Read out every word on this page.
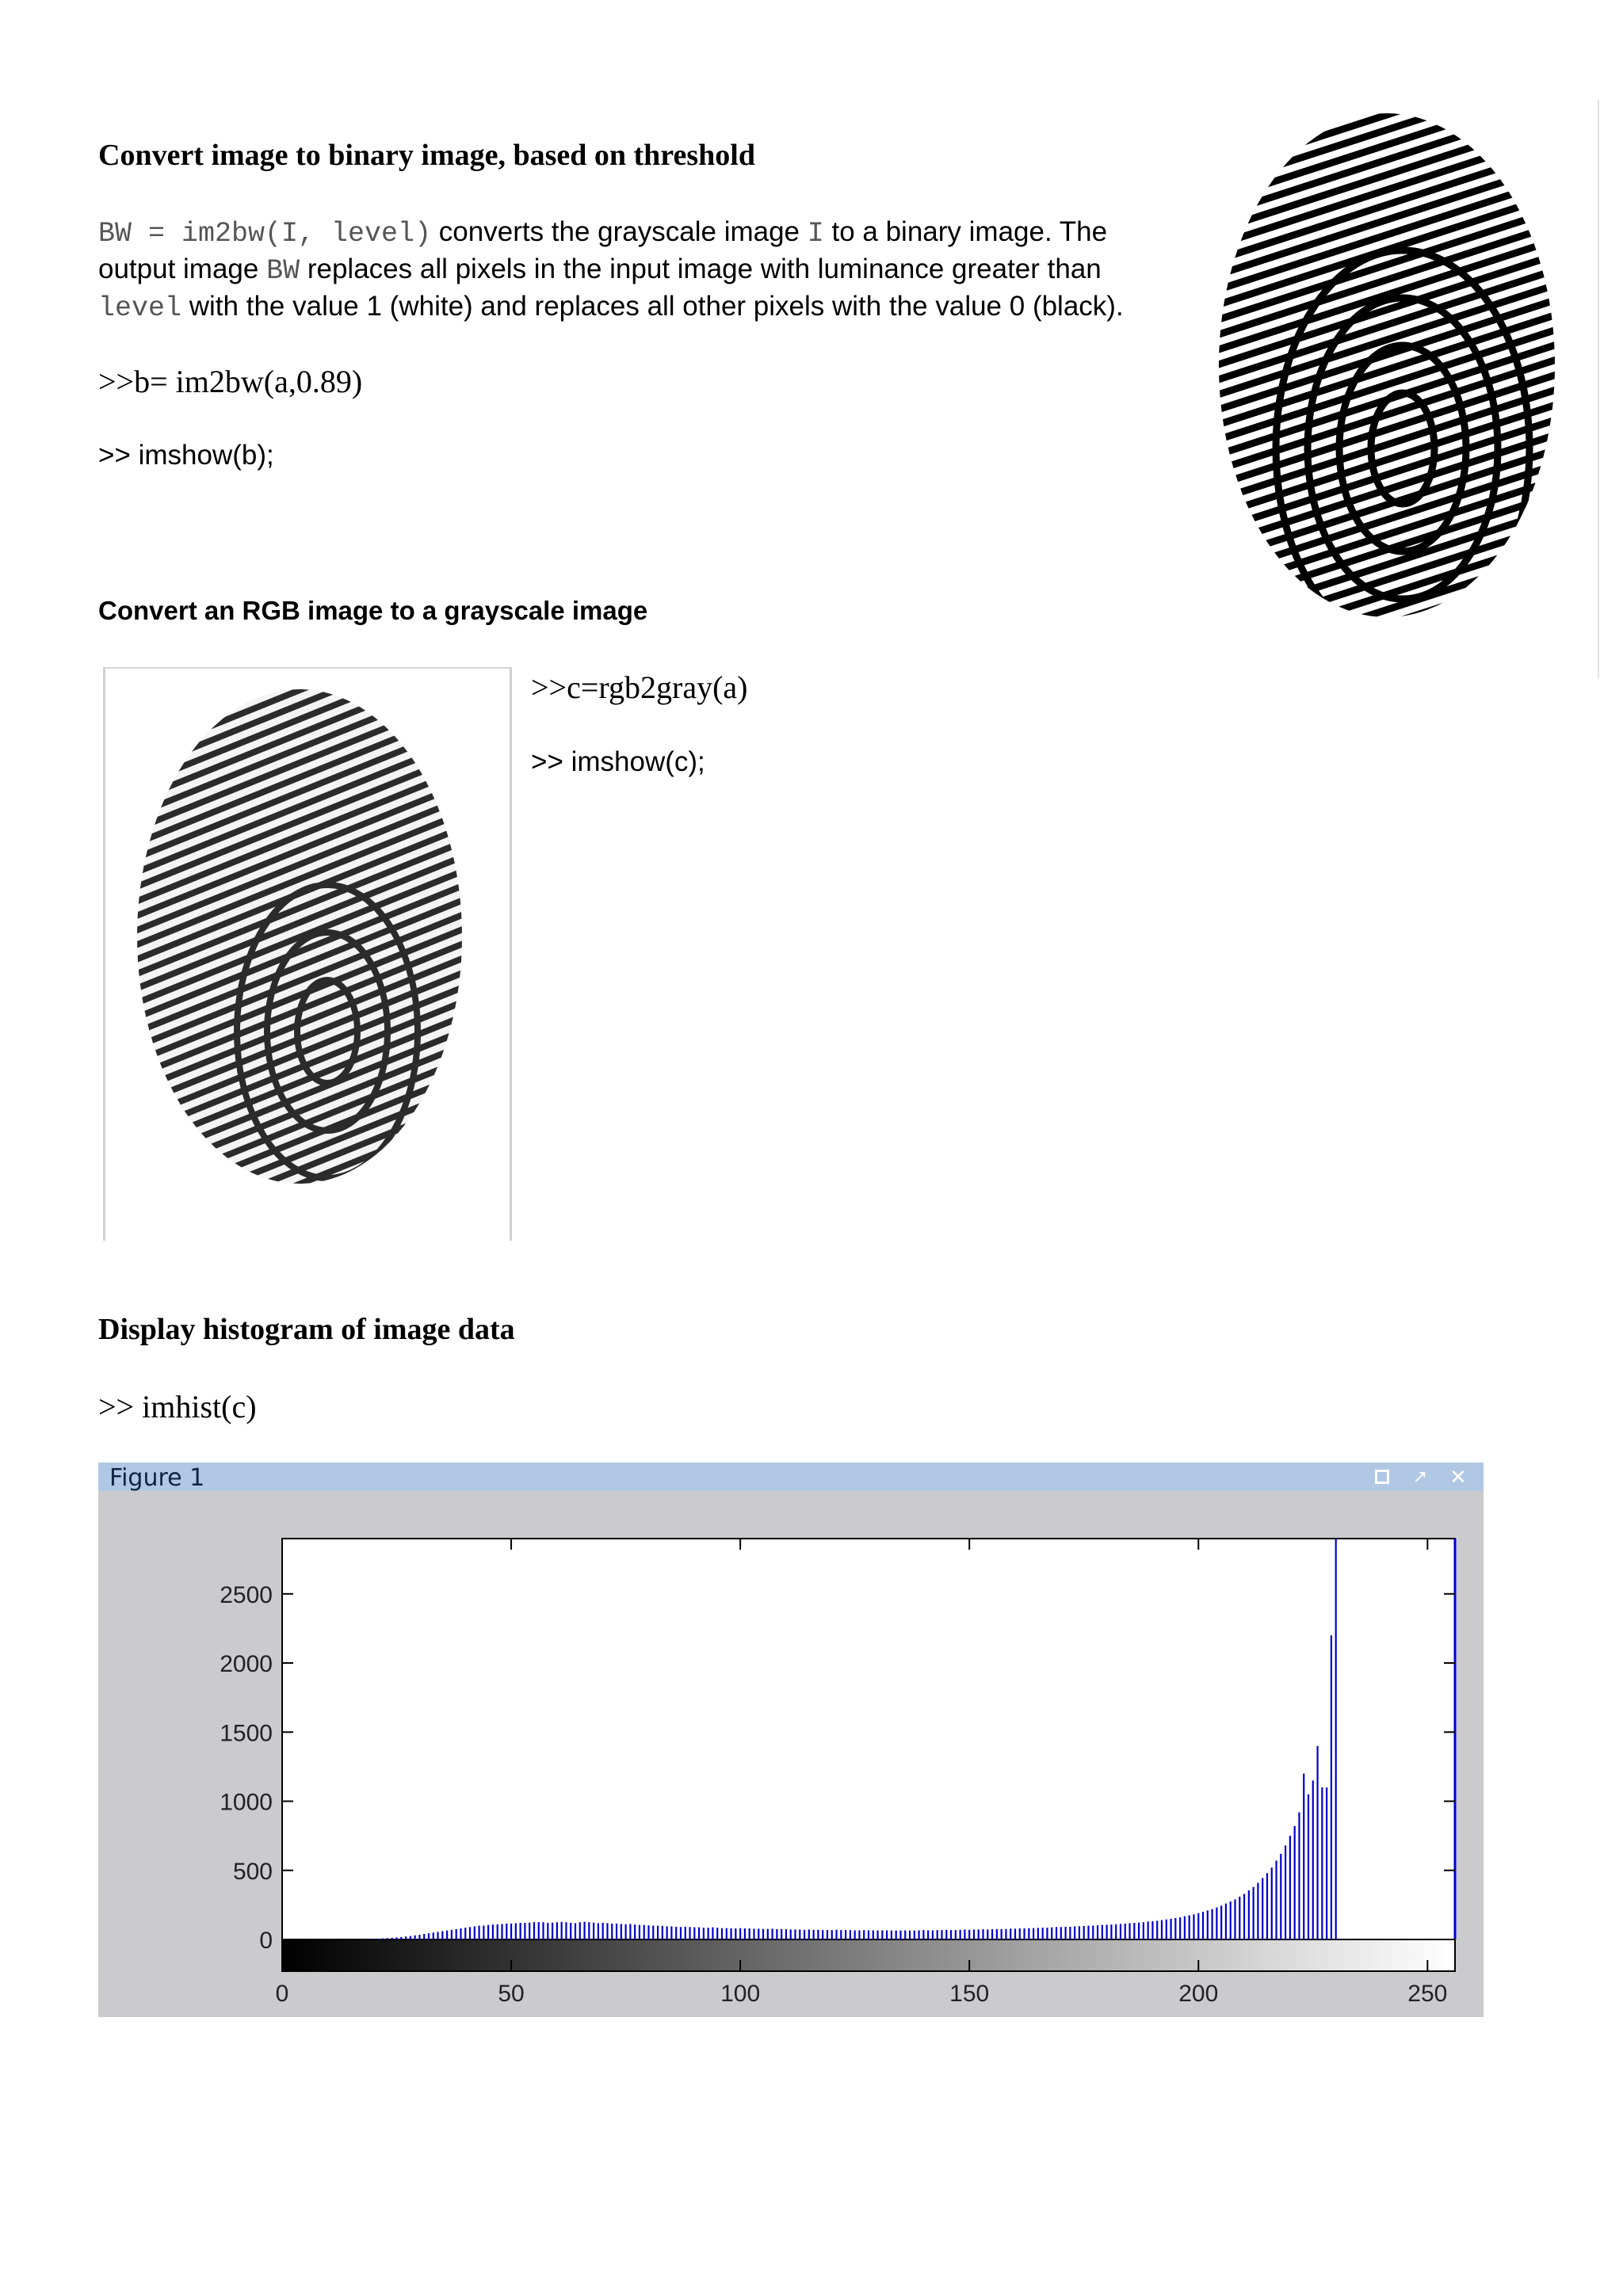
Convert image to binary image, based on threshold
BW = im2bw(I, level) converts the grayscale image I to a binary image. The
output image BW replaces all pixels in the input image with luminance greater than
level with the value 1 (white) and replaces all other pixels with the value 0 (black).
>>b= im2bw(a,0.89)
>> imshow(b);
Convert an RGB image to a grayscale image
>>c=rgb2gray(a)
>> imshow(c);
Display histogram of image data
>> imhist(c)
Figure 1	↗ ✕
0	50	100	150	200	250
0
500
1000
1500
2000
2500
